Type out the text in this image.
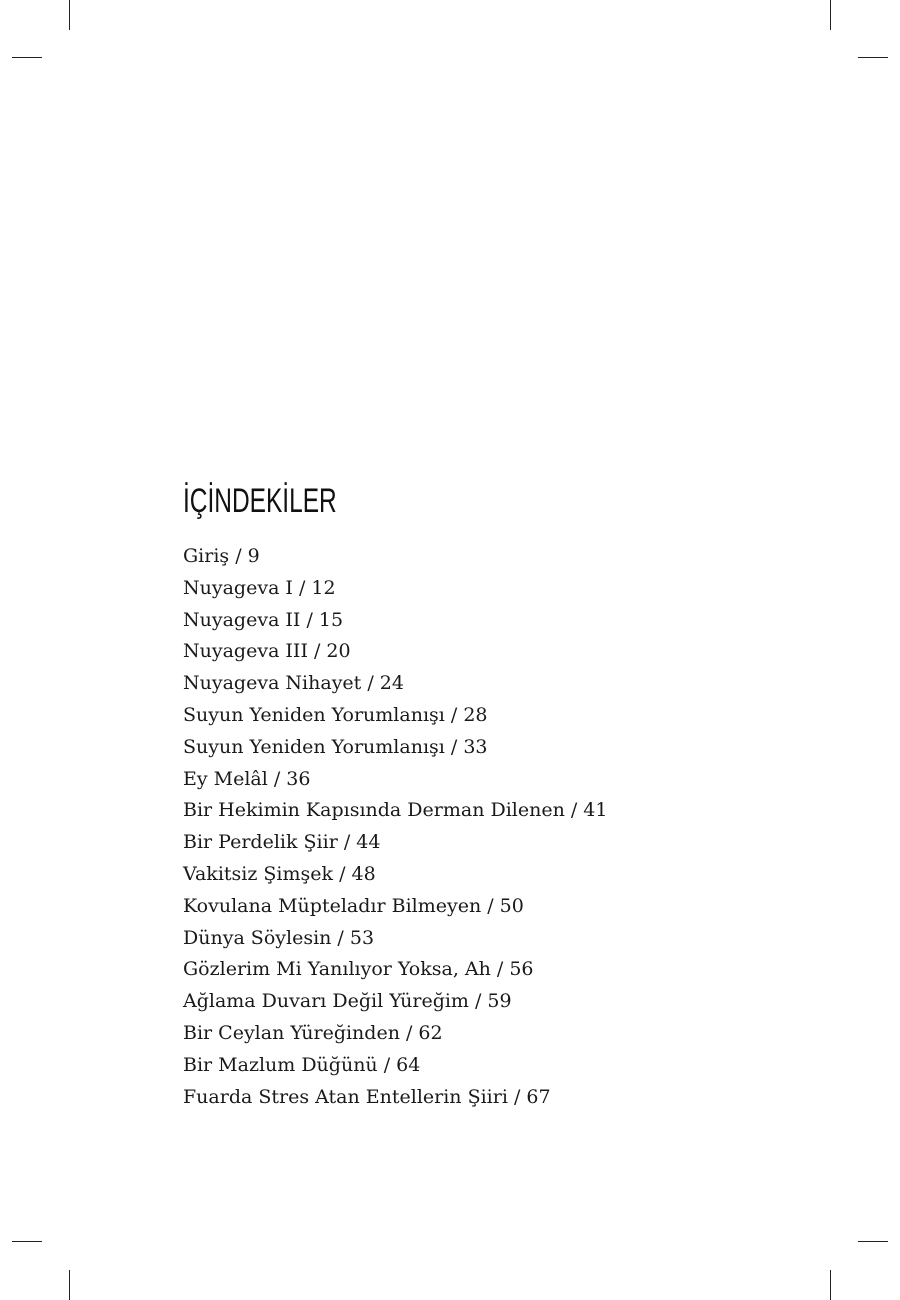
İÇİNDEKİLER
Giriş / 9
Nuyageva I / 12
Nuyageva II / 15
Nuyageva III / 20
Nuyageva Nihayet / 24
Suyun Yeniden Yorumlanışı / 28
Suyun Yeniden Yorumlanışı / 33
Ey Melâl / 36
Bir Hekimin Kapısında Derman Dilenen / 41
Bir Perdelik Şiir / 44
Vakitsiz Şimşek / 48
Kovulana Müpteladır Bilmeyen / 50
Dünya Söylesin / 53
Gözlerim Mi Yanılıyor Yoksa, Ah / 56
Ağlama Duvarı Değil Yüreğim / 59
Bir Ceylan Yüreğinden / 62
Bir Mazlum Düğünü / 64
Fuarda Stres Atan Entellerin Şiiri / 67
